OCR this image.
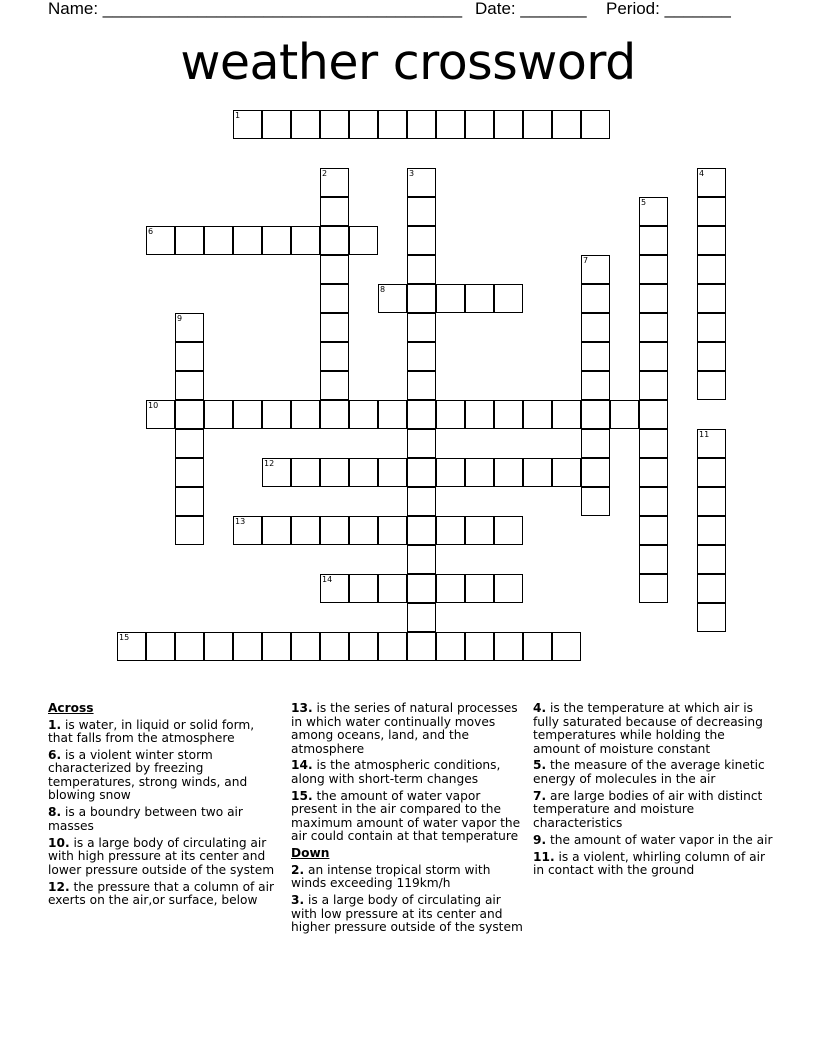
Name: ______________________________________ Date: _______ Period: _______
weather crossword
1
2	3	4
5
6
7
8
9
10
11
12
13
14
15
Across
1. is water, in liquid or solid form, that falls from the atmosphere
6. is a violent winter storm characterized by freezing temperatures, strong winds, and blowing snow
8. is a boundry between two air masses
10. is a large body of circulating air with high pressure at its center and lower pressure outside of the system
12. the pressure that a column of air exerts on the air,or surface, below
13. is the series of natural processes in which water continually moves among oceans, land, and the atmosphere
14. is the atmospheric conditions, along with short-term changes
15. the amount of water vapor present in the air compared to the maximum amount of water vapor the air could contain at that temperature
Down
2. an intense tropical storm with winds exceeding 119km/h
3. is a large body of circulating air with low pressure at its center and higher pressure outside of the system
4. is the temperature at which air is fully saturated because of decreasing temperatures while holding the amount of moisture constant
5. the measure of the average kinetic energy of molecules in the air
7. are large bodies of air with distinct temperature and moisture characteristics
9. the amount of water vapor in the air
11. is a violent, whirling column of air in contact with the ground
